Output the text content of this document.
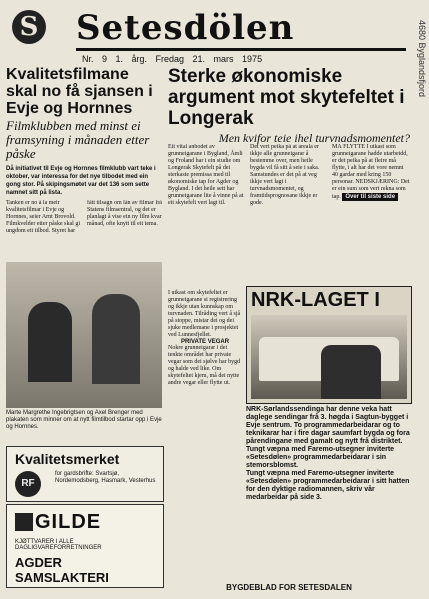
S Setesdölen
Nr. 9 1. årg. Fredag 21. mars 1975	4680 Byglandsfjord
Kvalitetsfilmane skal no få sjansen i Evje og Hornnes
Filmklubben med minst ei framsyning i månaden etter påske
Då initiativet til Evje og Hornnes filmklubb vart teke i oktober, var interessa for det nye tilbodet med ein gong stor. På skipingsmøtet var det 136 som sette namnet sitt på lista.
Tanken er no å la meir kvalitetsfilmar i Evje og Hornnes, seier Arnt Brovold. Filmkvelder etter påske skal gi ungdom eit tilbod. Styret har fått tilsagn om lån av filmar frå Statens filmsentral, og det er planlagt å vise ein ny film kvar månad, ofte knytt til eit tema.
Marte Margrethe Ingebrigtsen og Axel Brenger med plakaten som minner om at nytt filmtilbod startar opp i Evje og Hornnes.
Kvalitetsmerket
RF
for gardsbrifte: Svartsjø, Nordemodsberg, Hasmark, Vesterhus
GILDE
KJØTTVARER I ALLE DAGLIGVAREFORRETNINGER
AGDER SAMSLAKTERI
Sterke økonomiske argument mot skytefeltet i Longerak
Men kvifor teie ihel turvnadsmomentet?
Eit vital anbodet av grunneigarane i Bygland, Åmli og Froland har i ein studie om Longerak Skytefelt på dei sterkaste premissa med til økonomiske tap for Agder og Bygland. I det heile sett har grunneigarane lite å vinne på at eit skytefelt vert lagt til.
Det vert peika på at areala er ikkje alle grunneigarar å bestemme over, men heile bygda vil få sitt å seie i saka. Samstundes er det på at veg ikkje vert lagt i turvnadsmomentet, og framtidsprognosane ikkje er gode.
MÅ FLYTTE I utkast som grunneigarane hadde utarbeidd, er det peika på at fleire må flytte, i alt har det vore nemnt 40 gardar med kring 150 personar. NEDSKJÆRING: Det er ein sum som vert rekna som tap. Over til siste side
I utkast om skytefeltet er grunneigarane si registrering og ikkje utan kunnskap om turvnaden. Tilråding vert å sjå på stoppe, mistar dei og dei sjuke medlemane i prosjektet ved Lunnesfjellet.
PRIVATE VEGAR
Nokre grunneigarar i det tenkte området har private vegar som dei sjølve har bygd og halde ved like. Om skytefeltet kjem, må dei nytte andre vegar eller flytte ut.
NRK-LAGET I
NRK-Sørlandssendinga har denne veka hatt daglege sendingar frå 3. høgda i Sagtun-bygget i Evje sentrum. To programmedarbeidarar og to teknikarar har i fire dagar saumfart bygda og fora pårendingane med gamalt og nytt frå distriktet. Tungt væpna med Faremo-utsegner inviterte «Setesdølen» programmedarbeidarar i sin stemorsblomst.
Tungt væpna med Faremo-utsegner inviterte «Setesdølen» programmedarbeidarar i sitt hatten for den dyktige radiomannen, skriv vår medarbeidar på side 3.
BYGDEBLAD FOR SETESDALEN
